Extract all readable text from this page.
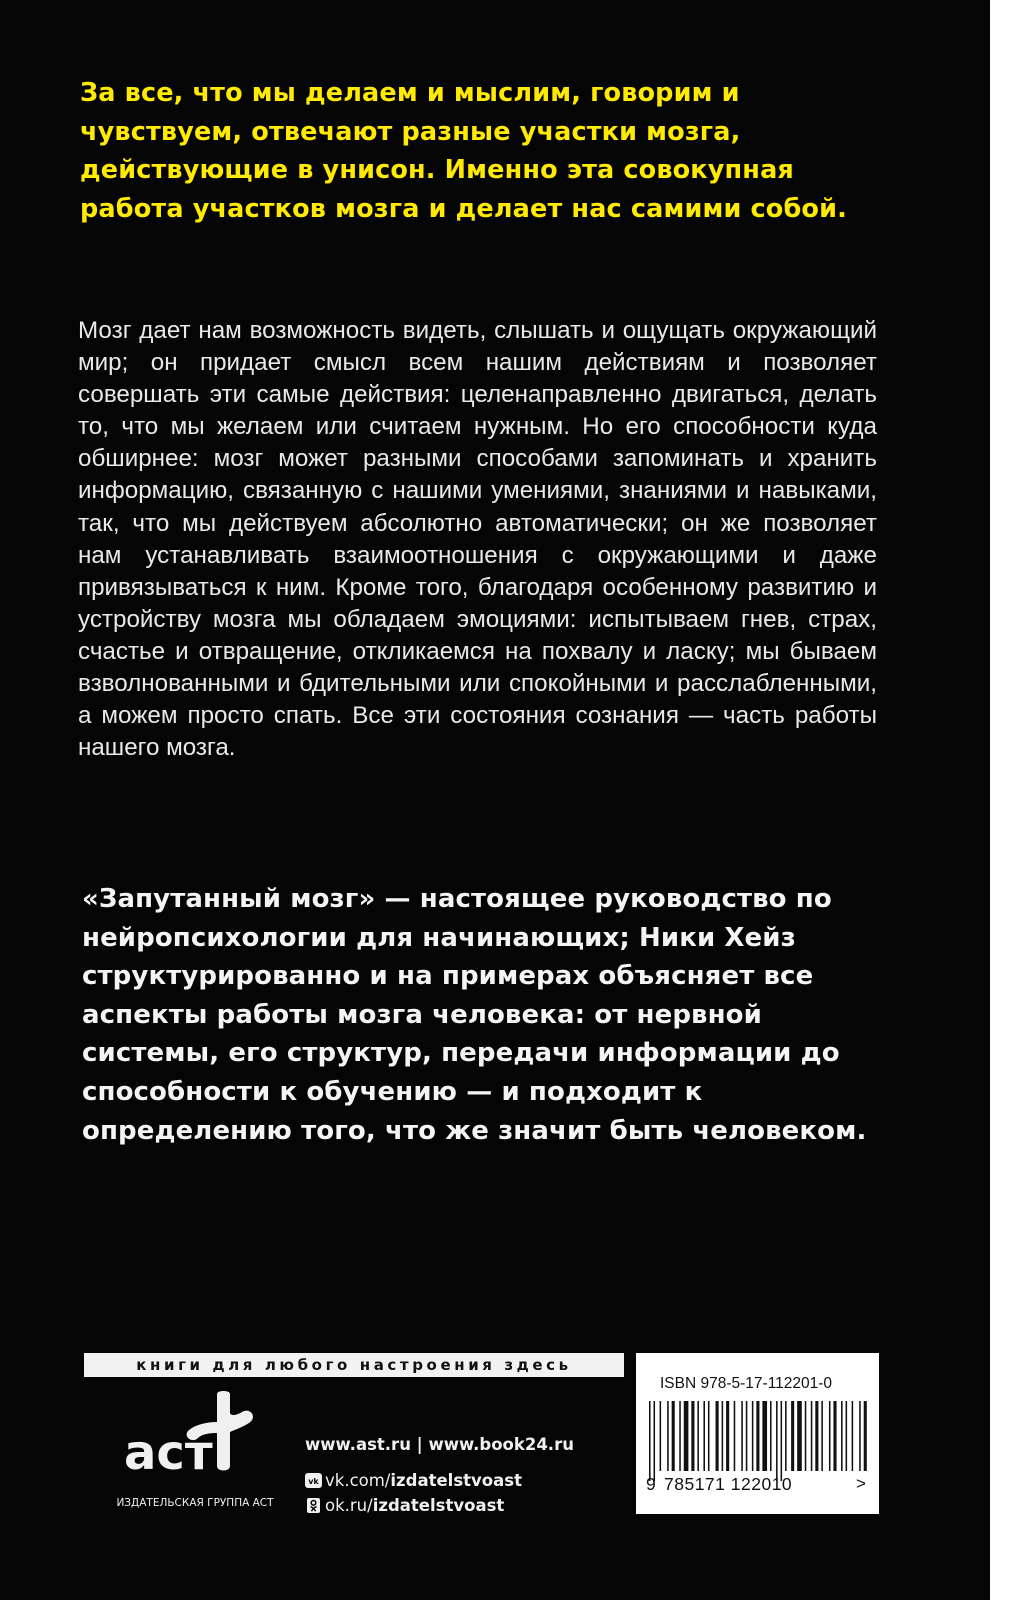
За все, что мы делаем и мыслим, говорим и чувствуем, отвечают разные участки мозга, действующие в унисон. Именно эта совокупная работа участков мозга и делает нас самими собой.

Мозг дает нам возможность видеть, слышать и ощущать окружающий мир; он придает смысл всем нашим действиям и позволяет совершать эти самые действия: целенаправленно двигаться, делать то, что мы желаем или считаем нужным. Но его способности куда обширнее: мозг может разными способами запоминать и хранить информацию, связанную с нашими умениями, знаниями и навыками, так, что мы действуем абсолютно автоматически; он же позволяет нам устанавливать взаимоотношения с окружающими и даже привязываться к ним. Кроме того, благодаря особенному развитию и устройству мозга мы обладаем эмоциями: испытываем гнев, страх, счастье и отвращение, откликаемся на похвалу и ласку; мы бываем взволнованными и бдительными или спокойными и расслабленными, а можем просто спать. Все эти состояния сознания — часть работы нашего мозга.

«Запутанный мозг» — настоящее руководство по нейропсихологии для начинающих; Ники Хейз структурированно и на примерах объясняет все аспекты работы мозга человека: от нервной системы, его структур, передачи информации до способности к обучению — и подходит к определению того, что же значит быть человеком.

книги для любого настроения здесь
аст

ИЗДАТЕЛЬСКАЯ ГРУППА АСТ

www.ast.ru | www.book24.ru
vk vk.com/izdatelstvoast
ok.ru/izdatelstvoast

ISBN 978-5-17-112201-0

9 785171 122010	>
